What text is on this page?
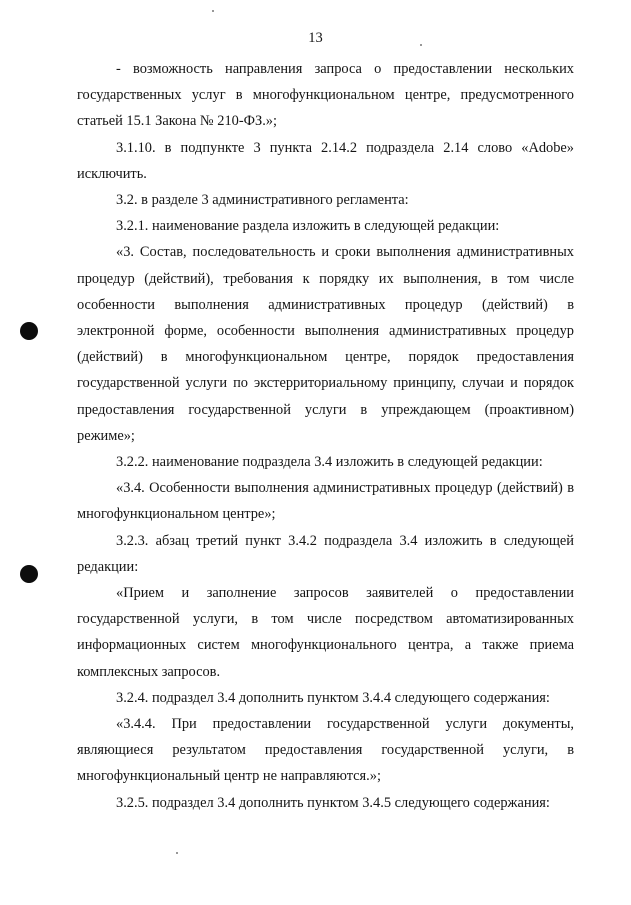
13

- возможность направления запроса о предоставлении нескольких государственных услуг в многофункциональном центре, предусмотренного статьей 15.1 Закона № 210-ФЗ.»;

3.1.10. в подпункте 3 пункта 2.14.2 подраздела 2.14 слово «Adobe» исключить.

3.2. в разделе 3 административного регламента:

3.2.1. наименование раздела изложить в следующей редакции:

«3. Состав, последовательность и сроки выполнения административных процедур (действий), требования к порядку их выполнения, в том числе особенности выполнения административных процедур (действий) в электронной форме, особенности выполнения административных процедур (действий) в многофункциональном центре, порядок предоставления государственной услуги по экстерриториальному принципу, случаи и порядок предоставления государственной услуги в упреждающем (проактивном) режиме»;

3.2.2. наименование подраздела 3.4 изложить в следующей редакции:

«3.4. Особенности выполнения административных процедур (действий) в многофункциональном центре»;

3.2.3. абзац третий пункт 3.4.2 подраздела 3.4 изложить в следующей редакции:

«Прием и заполнение запросов заявителей о предоставлении государственной услуги, в том числе посредством автоматизированных информационных систем многофункционального центра, а также приема комплексных запросов.

3.2.4. подраздел 3.4 дополнить пунктом 3.4.4 следующего содержания:

«3.4.4. При предоставлении государственной услуги документы, являющиеся результатом предоставления государственной услуги, в многофункциональный центр не направляются.»;

3.2.5. подраздел 3.4 дополнить пунктом 3.4.5 следующего содержания:
